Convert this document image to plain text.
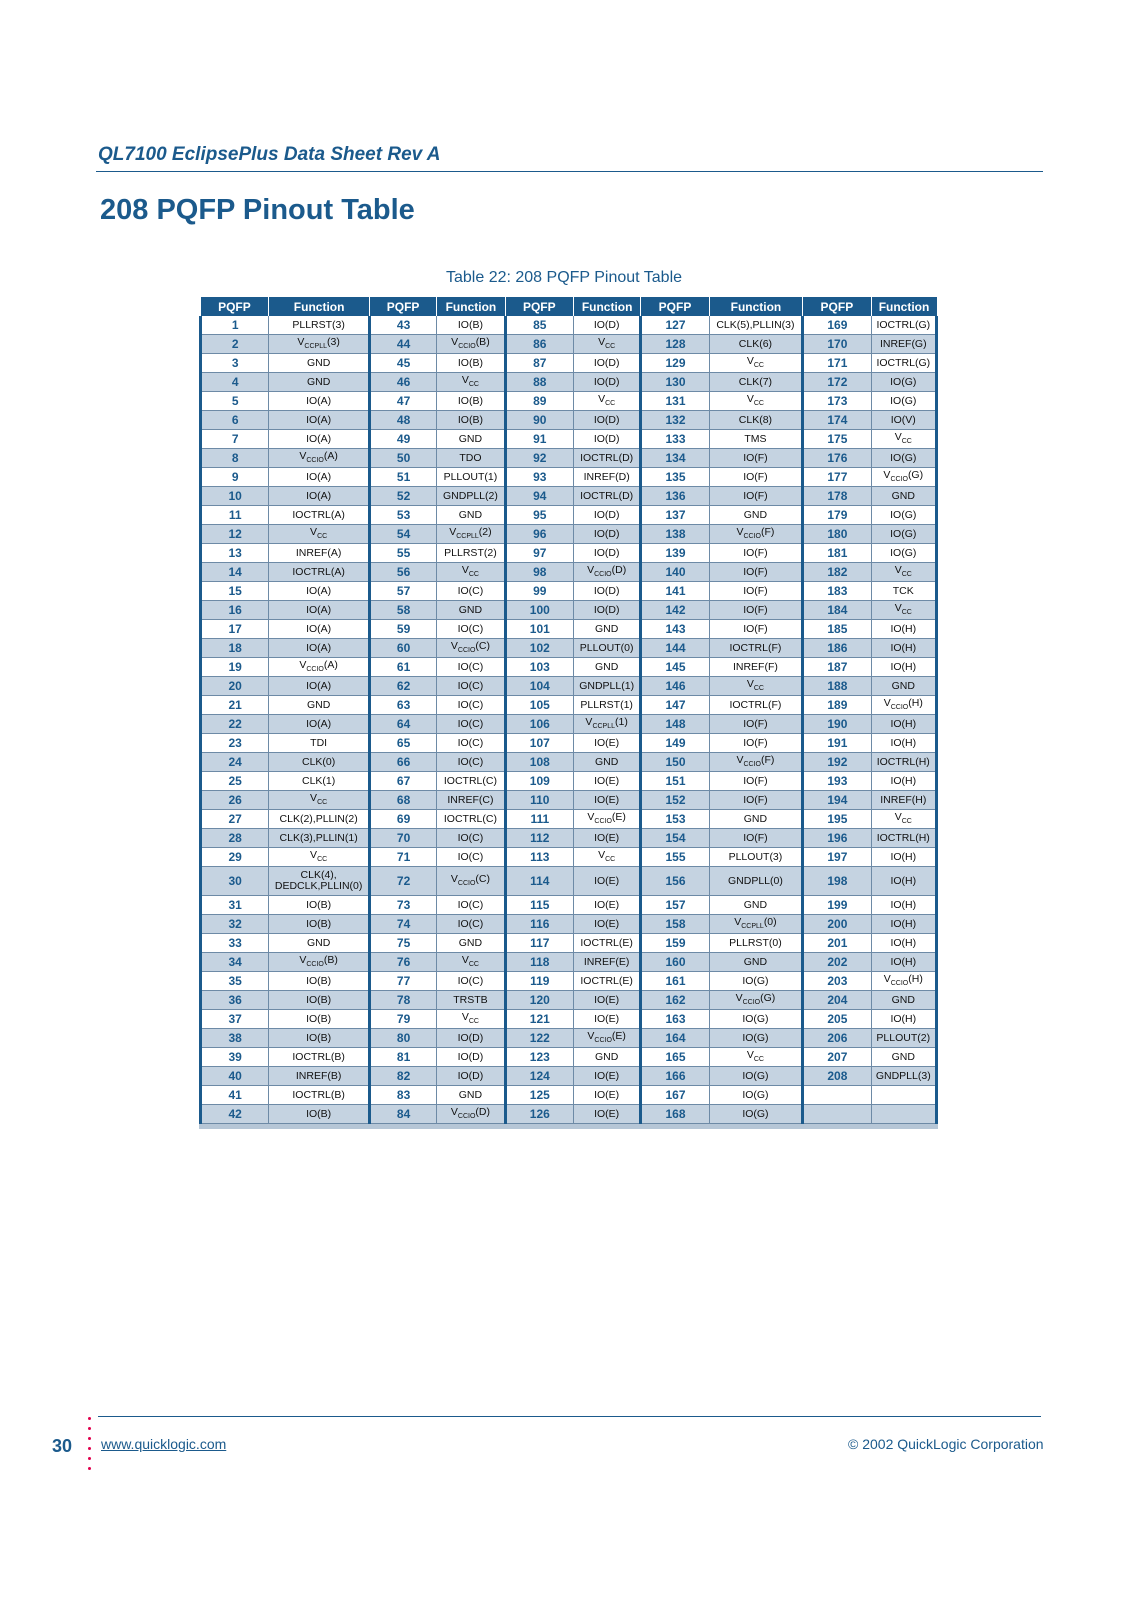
QL7100 EclipsePlus Data Sheet Rev A
208 PQFP Pinout Table
Table 22: 208 PQFP Pinout Table
PQFP	Function	PQFP	Function	PQFP	Function	PQFP	Function	PQFP	Function
1	PLLRST(3)	43	IO(B)	85	IO(D)	127	CLK(5),PLLIN(3)	169	IOCTRL(G)
2	$V_{CCPLL}(3)$	44	$V_{CCIO}(B)$	86	$V_{CC}$	128	CLK(6)	170	INREF(G)
3	GND	45	IO(B)	87	IO(D)	129	$V_{CC}$	171	IOCTRL(G)
4	GND	46	$V_{CC}$	88	IO(D)	130	CLK(7)	172	IO(G)
5	IO(A)	47	IO(B)	89	$V_{CC}$	131	$V_{CC}$	173	IO(G)
6	IO(A)	48	IO(B)	90	IO(D)	132	CLK(8)	174	IO(V)
7	IO(A)	49	GND	91	IO(D)	133	TMS	175	$V_{CC}$
8	$V_{CCIO}(A)$	50	TDO	92	IOCTRL(D)	134	IO(F)	176	IO(G)
9	IO(A)	51	PLLOUT(1)	93	INREF(D)	135	IO(F)	177	$V_{CCIO}(G)$
10	IO(A)	52	GNDPLL(2)	94	IOCTRL(D)	136	IO(F)	178	GND
11	IOCTRL(A)	53	GND	95	IO(D)	137	GND	179	IO(G)
12	$V_{CC}$	54	$V_{CCPLL}(2)$	96	IO(D)	138	$V_{CCIO}(F)$	180	IO(G)
13	INREF(A)	55	PLLRST(2)	97	IO(D)	139	IO(F)	181	IO(G)
14	IOCTRL(A)	56	$V_{CC}$	98	$V_{CCIO}(D)$	140	IO(F)	182	$V_{CC}$
15	IO(A)	57	IO(C)	99	IO(D)	141	IO(F)	183	TCK
16	IO(A)	58	GND	100	IO(D)	142	IO(F)	184	$V_{CC}$
17	IO(A)	59	IO(C)	101	GND	143	IO(F)	185	IO(H)
18	IO(A)	60	$V_{CCIO}(C)$	102	PLLOUT(0)	144	IOCTRL(F)	186	IO(H)
19	$V_{CCIO}(A)$	61	IO(C)	103	GND	145	INREF(F)	187	IO(H)
20	IO(A)	62	IO(C)	104	GNDPLL(1)	146	$V_{CC}$	188	GND
21	GND	63	IO(C)	105	PLLRST(1)	147	IOCTRL(F)	189	$V_{CCIO}(H)$
22	IO(A)	64	IO(C)	106	$V_{CCPLL}(1)$	148	IO(F)	190	IO(H)
23	TDI	65	IO(C)	107	IO(E)	149	IO(F)	191	IO(H)
24	CLK(0)	66	IO(C)	108	GND	150	$V_{CCIO}(F)$	192	IOCTRL(H)
25	CLK(1)	67	IOCTRL(C)	109	IO(E)	151	IO(F)	193	IO(H)
26	$V_{CC}$	68	INREF(C)	110	IO(E)	152	IO(F)	194	INREF(H)
27	CLK(2),PLLIN(2)	69	IOCTRL(C)	111	$V_{CCIO}(E)$	153	GND	195	$V_{CC}$
28	CLK(3),PLLIN(1)	70	IO(C)	112	IO(E)	154	IO(F)	196	IOCTRL(H)
29	$V_{CC}$	71	IO(C)	113	$V_{CC}$	155	PLLOUT(3)	197	IO(H)
30	CLK(4),
DEDCLK,PLLIN(0)	72	$V_{CCIO}(C)$	114	IO(E)	156	GNDPLL(0)	198	IO(H)
31	IO(B)	73	IO(C)	115	IO(E)	157	GND	199	IO(H)
32	IO(B)	74	IO(C)	116	IO(E)	158	$V_{CCPLL}(0)$	200	IO(H)
33	GND	75	GND	117	IOCTRL(E)	159	PLLRST(0)	201	IO(H)
34	$V_{CCIO}(B)$	76	$V_{CC}$	118	INREF(E)	160	GND	202	IO(H)
35	IO(B)	77	IO(C)	119	IOCTRL(E)	161	IO(G)	203	$V_{CCIO}(H)$
36	IO(B)	78	TRSTB	120	IO(E)	162	$V_{CCIO}(G)$	204	GND
37	IO(B)	79	$V_{CC}$	121	IO(E)	163	IO(G)	205	IO(H)
38	IO(B)	80	IO(D)	122	$V_{CCIO}(E)$	164	IO(G)	206	PLLOUT(2)
39	IOCTRL(B)	81	IO(D)	123	GND	165	$V_{CC}$	207	GND
40	INREF(B)	82	IO(D)	124	IO(E)	166	IO(G)	208	GNDPLL(3)
41	IOCTRL(B)	83	GND	125	IO(E)	167	IO(G)		
42	IO(B)	84	$V_{CCIO}(D)$	126	IO(E)	168	IO(G)		
30 www.quicklogic.com	© 2002 QuickLogic Corporation
